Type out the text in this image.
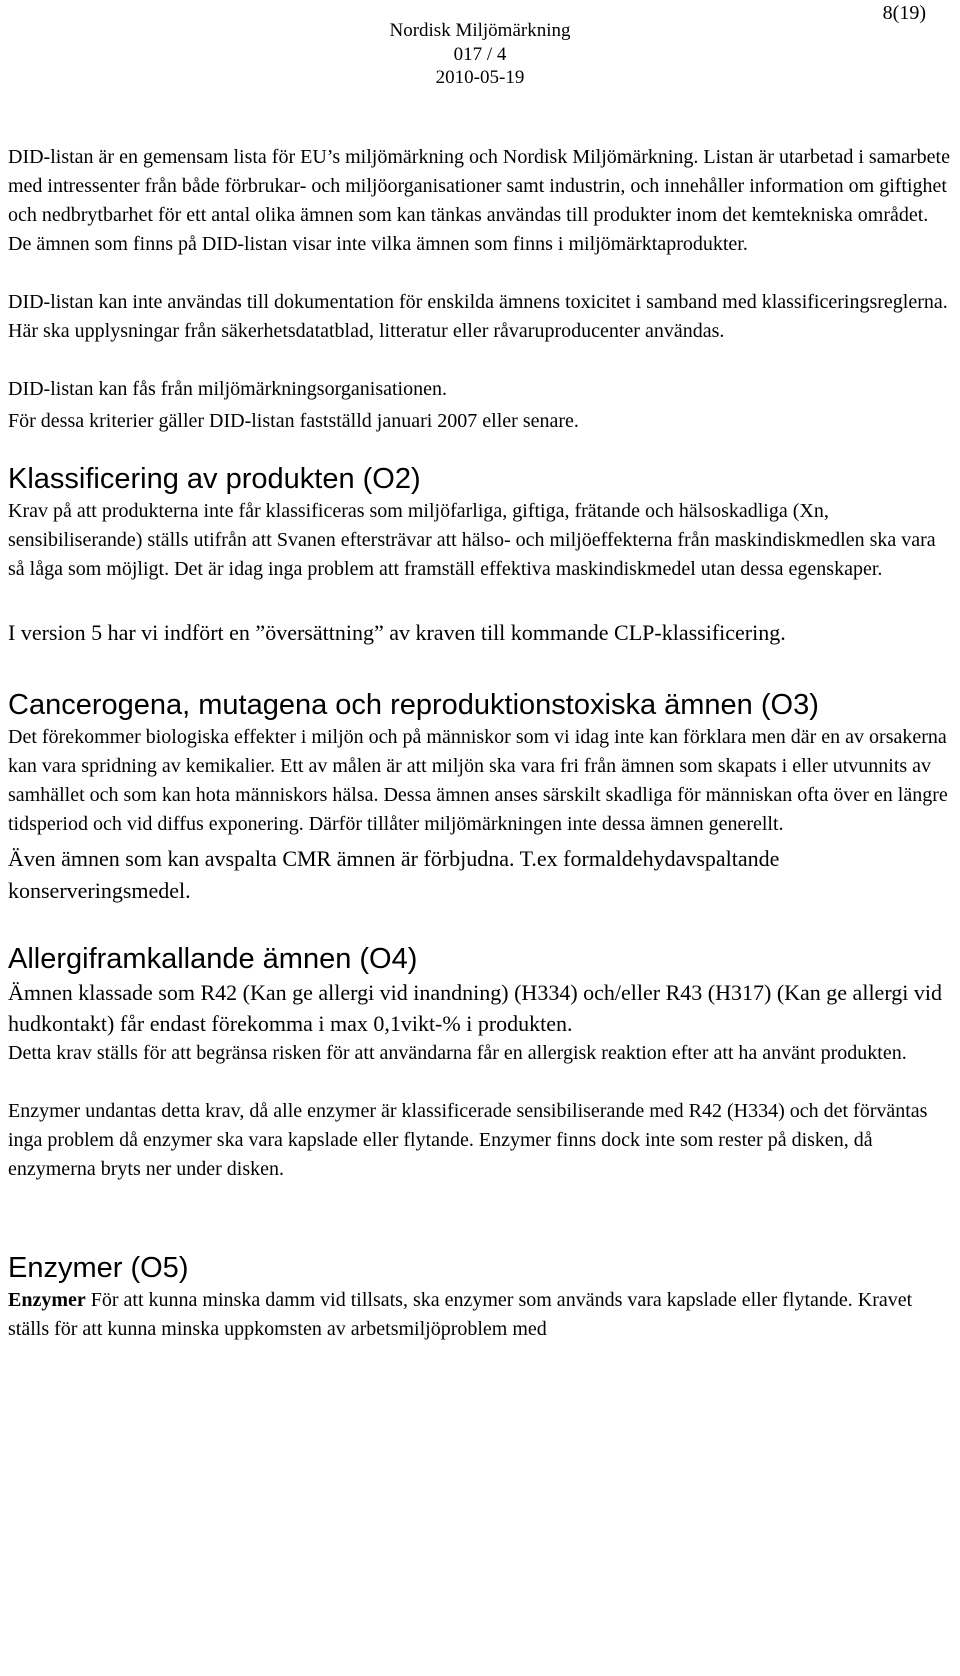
8(19)
Nordisk Miljömärkning
017 / 4
2010-05-19

DID-listan är en gemensam lista för EU’s miljömärkning och Nordisk Miljömärkning. Listan är utarbetad i samarbete med intressenter från både förbrukar- och miljöorganisationer samt industrin, och innehåller information om giftighet och nedbrytbarhet för ett antal olika ämnen som kan tänkas användas till produkter inom det kemtekniska området. De ämnen som finns på DID-listan visar inte vilka ämnen som finns i miljömärktaprodukter.

DID-listan kan inte användas till dokumentation för enskilda ämnens toxicitet i samband med klassificeringsreglerna. Här ska upplysningar från säkerhetsdatatblad, litteratur eller råvaruproducenter användas.

DID-listan kan fås från miljömärkningsorganisationen.

För dessa kriterier gäller DID-listan fastställd januari 2007 eller senare.

Klassificering av produkten (O2)

Krav på att produkterna inte får klassificeras som miljöfarliga, giftiga, frätande och hälsoskadliga (Xn, sensibiliserande) ställs utifrån att Svanen eftersträvar att hälso- och miljöeffekterna från maskindiskmedlen ska vara så låga som möjligt. Det är idag inga problem att framställ effektiva maskindiskmedel utan dessa egenskaper.

I version 5 har vi indfört en ”översättning” av kraven till kommande CLP-klassificering.

Cancerogena, mutagena och reproduktionstoxiska ämnen (O3)

Det förekommer biologiska effekter i miljön och på människor som vi idag inte kan förklara men där en av orsakerna kan vara spridning av kemikalier. Ett av målen är att miljön ska vara fri från ämnen som skapats i eller utvunnits av samhället och som kan hota människors hälsa. Dessa ämnen anses särskilt skadliga för människan ofta över en längre tidsperiod och vid diffus exponering. Därför tillåter miljömärkningen inte dessa ämnen generellt.

Även ämnen som kan avspalta CMR ämnen är förbjudna. T.ex formaldehydavspaltande konserveringsmedel.

Allergiframkallande ämnen (O4)

Ämnen klassade som R42 (Kan ge allergi vid inandning) (H334) och/eller R43 (H317) (Kan ge allergi vid hudkontakt) får endast förekomma i max 0,1vikt-% i produkten.

Detta krav ställs för att begränsa risken för att användarna får en allergisk reaktion efter att ha använt produkten.

Enzymer undantas detta krav, då alle enzymer är klassificerade sensibiliserande med R42 (H334) och det förväntas inga problem då enzymer ska vara kapslade eller flytande. Enzymer finns dock inte som rester på disken, då enzymerna bryts ner under disken.

Enzymer (O5)

Enzymer För att kunna minska damm vid tillsats, ska enzymer som används vara kapslade eller flytande. Kravet ställs för att kunna minska uppkomsten av arbetsmiljöproblem med
